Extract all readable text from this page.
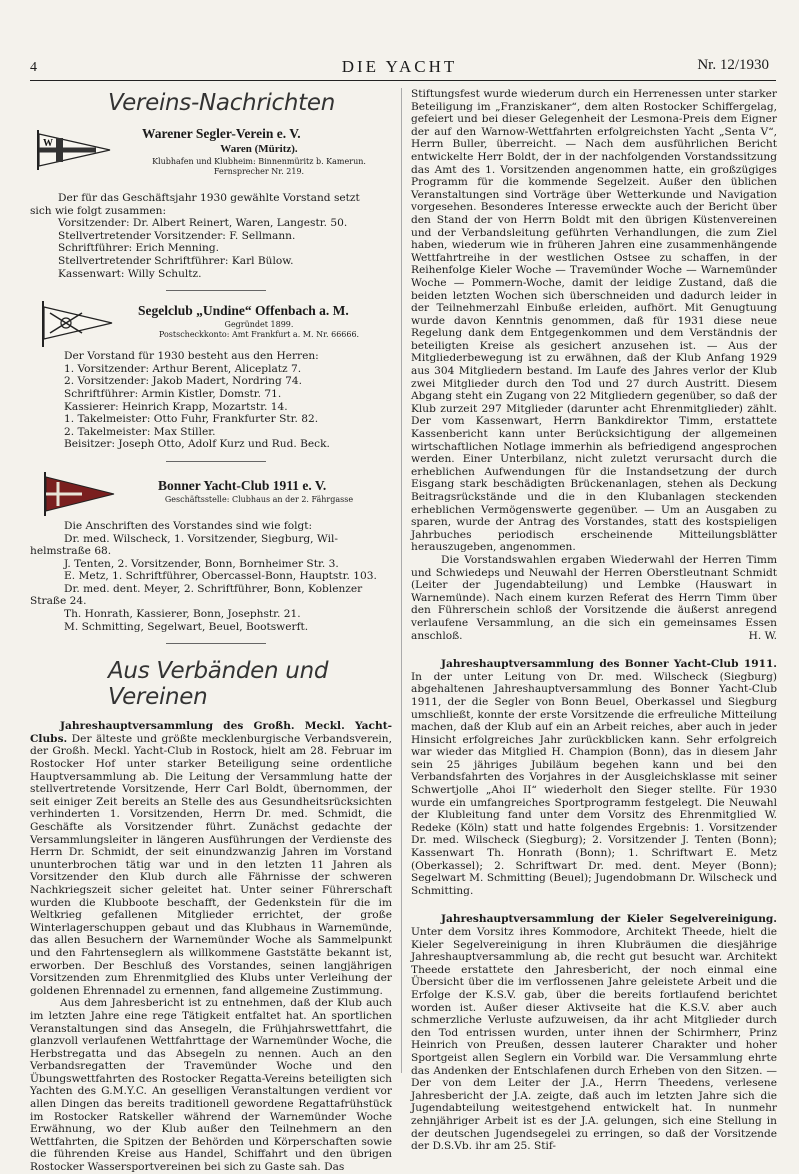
4	DIE YACHT	Nr. 12/1930
Vereins-Nachrichten
W
Warener Segler-Verein e. V.
Waren (Müritz).
Klubhafen und Klubheim: Binnenmüritz b. Kamerun.
Fernsprecher Nr. 219.

Der für das Geschäftsjahr 1930 gewählte Vorstand setzt

sich wie folgt zusammen:

Vorsitzender: Dr. Albert Reinert, Waren, Langestr. 50.

Stellvertretender Vorsitzender: F. Sellmann.

Schriftführer: Erich Menning.

Stellvertretender Schriftführer: Karl Bülow.

Kassenwart: Willy Schultz.

Segelclub „Undine“ Offenbach a. M.
Gegründet 1899.
Postscheckkonto: Amt Frankfurt a. M. Nr. 66666.

Der Vorstand für 1930 besteht aus den Herren:

1. Vorsitzender: Arthur Berent, Aliceplatz 7.

2. Vorsitzender: Jakob Madert, Nordring 74.

Schriftführer: Armin Kistler, Domstr. 71.

Kassierer: Heinrich Krapp, Mozartstr. 14.

1. Takelmeister: Otto Fuhr, Frankfurter Str. 82.

2. Takelmeister: Max Stiller.

Beisitzer: Joseph Otto, Adolf Kurz und Rud. Beck.

Bonner Yacht-Club 1911 e. V.
Geschäftsstelle: Clubhaus an der 2. Fährgasse

Die Anschriften des Vorstandes sind wie folgt:

Dr. med. Wilscheck, 1. Vorsitzender, Siegburg, Wil-

helmstraße 68.

J. Tenten, 2. Vorsitzender, Bonn, Bornheimer Str. 3.

E. Metz, 1. Schriftführer, Obercassel-Bonn, Hauptstr. 103.

Dr. med. dent. Meyer, 2. Schriftführer, Bonn, Koblenzer

Straße 24.

Th. Honrath, Kassierer, Bonn, Josephstr. 21.

M. Schmitting, Segelwart, Beuel, Bootswerft.

Aus Verbänden und Vereinen
Jahreshauptversammlung des Großh. Meckl. Yacht-Clubs. Der älteste und größte mecklenburgische Verbandsverein, der Großh. Meckl. Yacht-Club in Rostock, hielt am 28. Februar im Rostocker Hof unter starker Beteiligung seine ordentliche Hauptversammlung ab. Die Leitung der Versammlung hatte der stellvertretende Vorsitzende, Herr Carl Boldt, übernommen, der seit einiger Zeit bereits an Stelle des aus Gesundheitsrücksichten verhinderten 1. Vorsitzenden, Herrn Dr. med. Schmidt, die Geschäfte als Vorsitzender führt. Zunächst gedachte der Versammlungsleiter in längeren Ausführungen der Verdienste des Herrn Dr. Schmidt, der seit einundzwanzig Jahren im Vorstand ununterbrochen tätig war und in den letzten 11 Jahren als Vorsitzender den Klub durch alle Fährnisse der schweren Nachkriegszeit sicher geleitet hat. Unter seiner Führerschaft wurden die Klubboote beschafft, der Gedenkstein für die im Weltkrieg gefallenen Mitglieder errichtet, der große Winterlagerschuppen gebaut und das Klubhaus in Warnemünde, das allen Besuchern der Warnemünder Woche als Sammelpunkt und den Fahrtenseglern als willkommene Gaststätte bekannt ist, erworben. Der Beschluß des Vorstandes, seinen langjährigen Vorsitzenden zum Ehrenmitglied des Klubs unter Verleihung der goldenen Ehrennadel zu ernennen, fand allgemeine Zustimmung.
Aus dem Jahresbericht ist zu entnehmen, daß der Klub auch im letzten Jahre eine rege Tätigkeit entfaltet hat. An sportlichen Veranstaltungen sind das Ansegeln, die Frühjahrswettfahrt, die glanzvoll verlaufenen Wettfahrttage der Warnemünder Woche, die Herbstregatta und das Absegeln zu nennen. Auch an den Verbandsregatten der Travemünder Woche und den Übungswettfahrten des Rostocker Regatta-Vereins beteiligten sich Yachten des G.M.Y.C. An geselligen Veranstaltungen verdient vor allen Dingen das bereits traditionell gewordene Regattafrühstück im Rostocker Ratskeller während der Warnemünder Woche Erwähnung, wo der Klub außer den Teilnehmern an den Wettfahrten, die Spitzen der Behörden und Körperschaften sowie die führenden Kreise aus Handel, Schiffahrt und den übrigen Rostocker Wassersportvereinen bei sich zu Gaste sah. Das
Stiftungsfest wurde wiederum durch ein Herrenessen unter starker Beteiligung im „Franziskaner“, dem alten Rostocker Schiffergelag, gefeiert und bei dieser Gelegenheit der Lesmona-Preis dem Eigner der auf den Warnow-Wettfahrten erfolgreichsten Yacht „Senta V“, Herrn Buller, überreicht. — Nach dem ausführlichen Bericht entwickelte Herr Boldt, der in der nachfolgenden Vorstandssitzung das Amt des 1. Vorsitzenden angenommen hatte, ein großzügiges Programm für die kommende Segelzeit. Außer den üblichen Veranstaltungen sind Vorträge über Wetterkunde und Navigation vorgesehen. Besonderes Interesse erweckte auch der Bericht über den Stand der von Herrn Boldt mit den übrigen Küstenvereinen und der Verbandsleitung geführten Verhandlungen, die zum Ziel haben, wiederum wie in früheren Jahren eine zusammenhängende Wettfahrtreihe in der westlichen Ostsee zu schaffen, in der Reihenfolge Kieler Woche — Travemünder Woche — Warnemünder Woche — Pommern-Woche, damit der leidige Zustand, daß die beiden letzten Wochen sich überschneiden und dadurch leider in der Teilnehmerzahl Einbuße erleiden, aufhört. Mit Genugtuung wurde davon Kenntnis genommen, daß für 1931 diese neue Regelung dank dem Entgegenkommen und dem Verständnis der beteiligten Kreise als gesichert anzusehen ist. — Aus der Mitgliederbewegung ist zu erwähnen, daß der Klub Anfang 1929 aus 304 Mitgliedern bestand. Im Laufe des Jahres verlor der Klub zwei Mitglieder durch den Tod und 27 durch Austritt. Diesem Abgang steht ein Zugang von 22 Mitgliedern gegenüber, so daß der Klub zurzeit 297 Mitglieder (darunter acht Ehrenmitglieder) zählt. Der vom Kassenwart, Herrn Bankdirektor Timm, erstattete Kassenbericht kann unter Berücksichtigung der allgemeinen wirtschaftlichen Notlage immerhin als befriedigend angesprochen werden. Einer Unterbilanz, nicht zuletzt verursacht durch die erheblichen Aufwendungen für die Instandsetzung der durch Eisgang stark beschädigten Brückenanlagen, stehen als Deckung Beitragsrückstände und die in den Klubanlagen steckenden erheblichen Vermögenswerte gegenüber. — Um an Ausgaben zu sparen, wurde der Antrag des Vorstandes, statt des kostspieligen Jahrbuches periodisch erscheinende Mitteilungsblätter herauszugeben, angenommen.
Die Vorstandswahlen ergaben Wiederwahl der Herren Timm und Schwiedeps und Neuwahl der Herren Oberstleutnant Schmidt (Leiter der Jugendabteilung) und Lembke (Hauswart in Warnemünde). Nach einem kurzen Referat des Herrn Timm über den Führerschein schloß der Vorsitzende die äußerst anregend verlaufene Versammlung, an die sich ein gemeinsames Essen anschloß.	H. W.
Jahreshauptversammlung des Bonner Yacht-Club 1911. In der unter Leitung von Dr. med. Wilscheck (Siegburg) abgehaltenen Jahreshauptversammlung des Bonner Yacht-Club 1911, der die Segler von Bonn Beuel, Oberkassel und Siegburg umschließt, konnte der erste Vorsitzende die erfreuliche Mitteilung machen, daß der Klub auf ein an Arbeit reiches, aber auch in jeder Hinsicht erfolgreiches Jahr zurückblicken kann. Sehr erfolgreich war wieder das Mitglied H. Champion (Bonn), das in diesem Jahr sein 25 jähriges Jubiläum begehen kann und bei den Verbandsfahrten des Vorjahres in der Ausgleichsklasse mit seiner Schwertjolle „Ahoi II“ wiederholt den Sieger stellte. Für 1930 wurde ein umfangreiches Sportprogramm festgelegt. Die Neuwahl der Klubleitung fand unter dem Vorsitz des Ehrenmitglied W. Redeke (Köln) statt und hatte folgendes Ergebnis: 1. Vorsitzender Dr. med. Wilscheck (Siegburg); 2. Vorsitzender J. Tenten (Bonn); Kassenwart Th. Honrath (Bonn); 1. Schriftwart E. Metz (Oberkassel); 2. Schriftwart Dr. med. dent. Meyer (Bonn); Segelwart M. Schmitting (Beuel); Jugendobmann Dr. Wilscheck und Schmitting.
Jahreshauptversammlung der Kieler Segelvereinigung. Unter dem Vorsitz ihres Kommodore, Architekt Theede, hielt die Kieler Segelvereinigung in ihren Klubräumen die diesjährige Jahreshauptversammlung ab, die recht gut besucht war. Architekt Theede erstattete den Jahresbericht, der noch einmal eine Übersicht über die im verflossenen Jahre geleistete Arbeit und die Erfolge der K.S.V. gab, über die bereits fortlaufend berichtet worden ist. Außer dieser Aktivseite hat die K.S.V. aber auch schmerzliche Verluste aufzuweisen, da ihr acht Mitglieder durch den Tod entrissen wurden, unter ihnen der Schirmherr, Prinz Heinrich von Preußen, dessen lauterer Charakter und hoher Sportgeist allen Seglern ein Vorbild war. Die Versammlung ehrte das Andenken der Entschlafenen durch Erheben von den Sitzen. — Der von dem Leiter der J.A., Herrn Theedens, verlesene Jahresbericht der J.A. zeigte, daß auch im letzten Jahre sich die Jugendabteilung weitestgehend entwickelt hat. In nunmehr zehnjähriger Arbeit ist es der J.A. gelungen, sich eine Stellung in der deutschen Jugendsegelei zu erringen, so daß der Vorsitzende der D.S.Vb. ihr am 25. Stif-
